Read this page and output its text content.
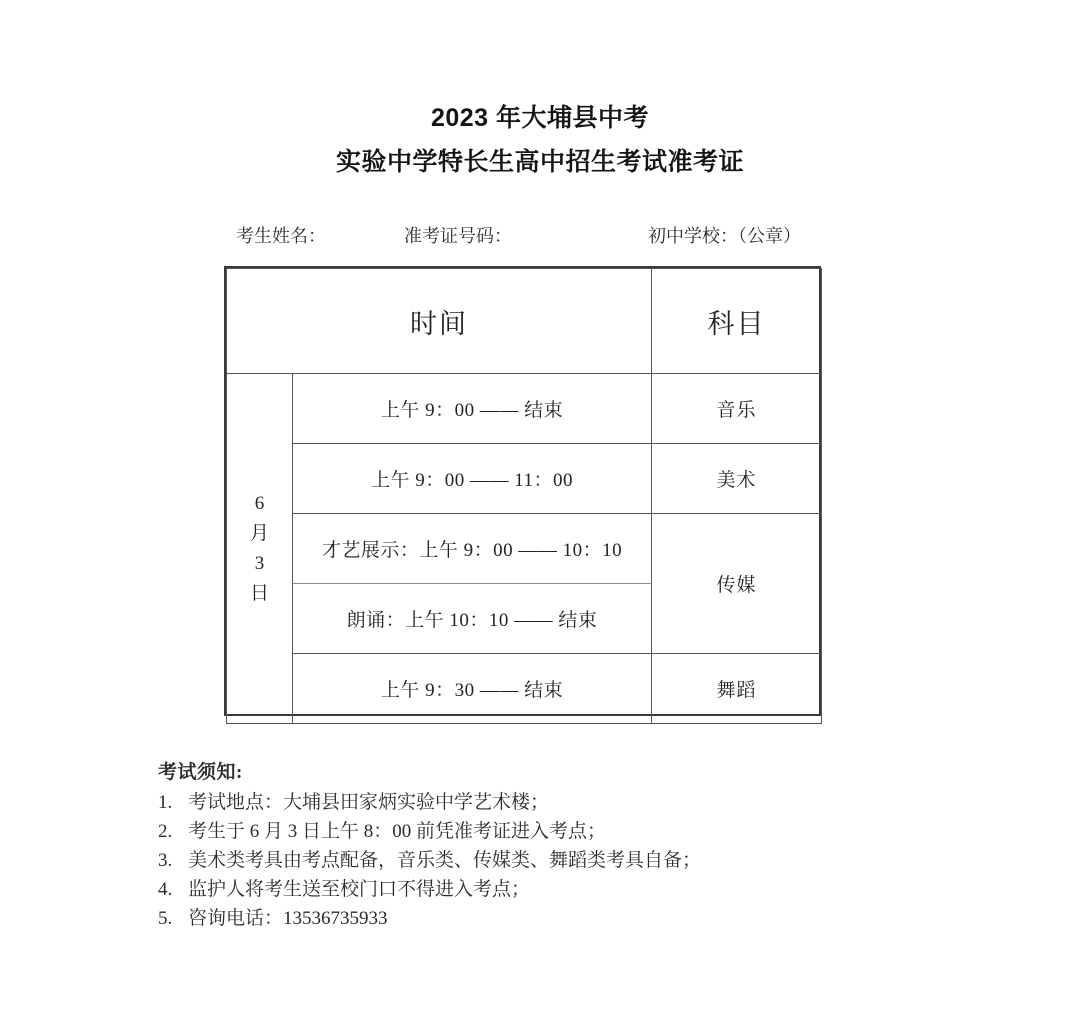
2023 年大埔县中考
实验中学特长生高中招生考试准考证
考生姓名：	准考证号码：	初中学校：（公章）
时间		科目

6
月
3
日	上午 9：00 —— 结束	音乐
	上午 9：00 —— 11：00	美术
	才艺展示：上午 9：00 —— 10：10	传媒
	朗诵：上午 10：10 —— 结束	
	上午 9：30 —— 结束	舞蹈
考试须知:
1. 考试地点：大埔县田家炳实验中学艺术楼；
2. 考生于 6 月 3 日上午 8：00 前凭准考证进入考点；
3. 美术类考具由考点配备，音乐类、传媒类、舞蹈类考具自备；
4. 监护人将考生送至校门口不得进入考点；
5. 咨询电话：13536735933
